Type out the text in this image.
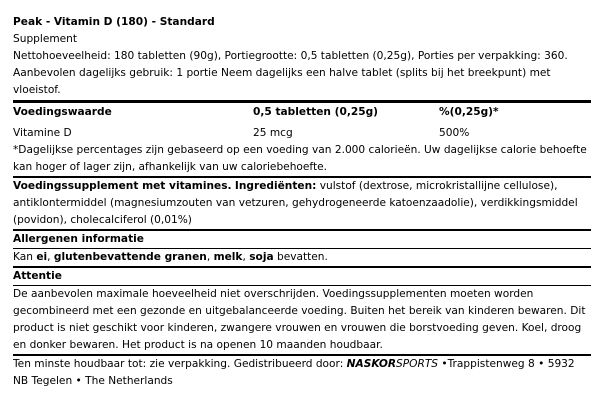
Peak - Vitamin D (180) - Standard
Supplement
Nettohoeveelheid: 180 tabletten (90g), Portiegrootte: 0,5 tabletten (0,25g), Porties per verpakking: 360. Aanbevolen dagelijks gebruik: 1 portie Neem dagelijks een halve tablet (splits bij het breekpunt) met vloeistof.
Voedingswaarde	0,5 tabletten (0,25g)	%(0,25g)*
Vitamine D	25 mcg	500%
*Dagelijkse percentages zijn gebaseerd op een voeding van 2.000 calorieën. Uw dagelijkse calorie behoefte kan hoger of lager zijn, afhankelijk van uw caloriebehoefte.
Voedingssupplement met vitamines. Ingrediënten: vulstof (dextrose, microkristallijne cellulose), antiklontermiddel (magnesiumzouten van vetzuren, gehydrogeneerde katoenzaadolie), verdikkingsmiddel (povidon), cholecalciferol (0,01%)
Allergenen informatie
Kan ei, glutenbevattende granen, melk, soja bevatten.
Attentie
De aanbevolen maximale hoeveelheid niet overschrijden. Voedingssupplementen moeten worden gecombineerd met een gezonde en uitgebalanceerde voeding. Buiten het bereik van kinderen bewaren. Dit product is niet geschikt voor kinderen, zwangere vrouwen en vrouwen die borstvoeding geven. Koel, droog en donker bewaren. Het product is na openen 10 maanden houdbaar.
Ten minste houdbaar tot: zie verpakking. Gedistribueerd door: NASKORSPORTS •Trappistenweg 8 • 5932 NB Tegelen • The Netherlands
